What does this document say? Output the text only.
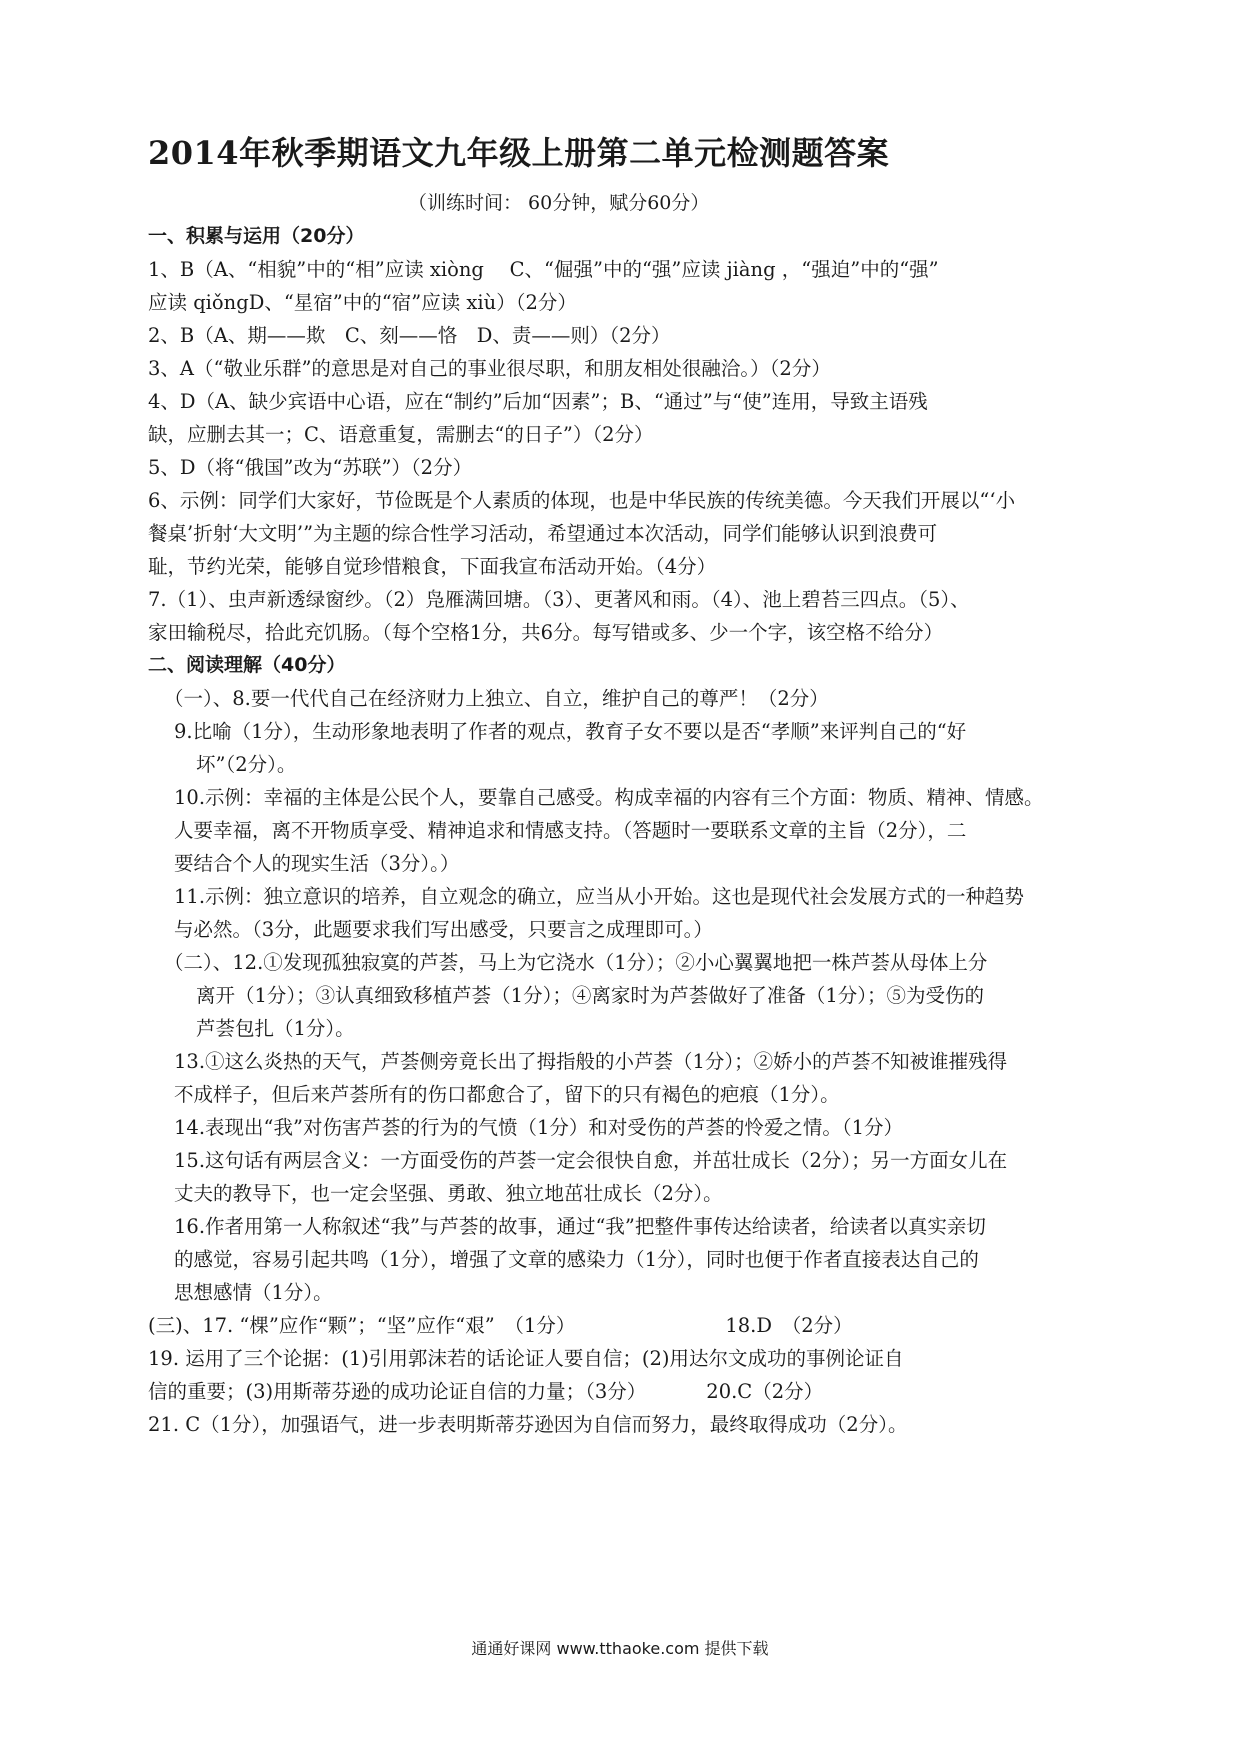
2014年秋季期语文九年级上册第二单元检测题答案
（训练时间： 60分钟，赋分60分）
一、积累与运用（20分）
1、B（A、“相貌”中的“相”应读 xiòng　 C、“倔强”中的“强”应读 jiàng ，“强迫”中的“强”
应读 qiǒngD、“星宿”中的“宿”应读 xiù）（2分）
2、B（A、期——欺　C、刻——恪　D、责——则）（2分）
3、A（“敬业乐群”的意思是对自己的事业很尽职，和朋友相处很融洽。）（2分）
4、D（A、缺少宾语中心语，应在“制约”后加“因素”；B、“通过”与“使”连用，导致主语残
缺，应删去其一；C、语意重复，需删去“的日子”）（2分）
5、D（将“俄国”改为“苏联”）（2分）
6、示例：同学们大家好，节俭既是个人素质的体现，也是中华民族的传统美德。今天我们开展以“‘小
餐桌’折射‘大文明’”为主题的综合性学习活动，希望通过本次活动，同学们能够认识到浪费可
耻，节约光荣，能够自觉珍惜粮食，下面我宣布活动开始。（4分）
7.（1）、虫声新透绿窗纱。（2）凫雁满回塘。（3）、更著风和雨。（4）、池上碧苔三四点。（5）、
家田输税尽，拾此充饥肠。（每个空格1分，共6分。每写错或多、少一个字，该空格不给分）
二、阅读理解（40分）
（一）、8.要一代代自己在经济财力上独立、自立，维护自己的尊严！（2分）
9.比喻（1分），生动形象地表明了作者的观点，教育子女不要以是否“孝顺”来评判自己的“好
坏”（2分）。
10.示例：幸福的主体是公民个人，要靠自己感受。构成幸福的内容有三个方面：物质、精神、情感。
人要幸福，离不开物质享受、精神追求和情感支持。（答题时一要联系文章的主旨（2分），二
要结合个人的现实生活（3分）。）
11.示例：独立意识的培养，自立观念的确立，应当从小开始。这也是现代社会发展方式的一种趋势
与必然。（3分，此题要求我们写出感受，只要言之成理即可。）
（二）、12.①发现孤独寂寞的芦荟，马上为它浇水（1分）；②小心翼翼地把一株芦荟从母体上分
离开（1分）；③认真细致移植芦荟（1分）；④离家时为芦荟做好了准备（1分）；⑤为受伤的
芦荟包扎（1分）。
13.①这么炎热的天气，芦荟侧旁竟长出了拇指般的小芦荟（1分）；②娇小的芦荟不知被谁摧残得
不成样子，但后来芦荟所有的伤口都愈合了，留下的只有褐色的疤痕（1分）。
14.表现出“我”对伤害芦荟的行为的气愤（1分）和对受伤的芦荟的怜爱之情。（1分）
15.这句话有两层含义：一方面受伤的芦荟一定会很快自愈，并茁壮成长（2分）；另一方面女儿在
丈夫的教导下，也一定会坚强、勇敢、独立地茁壮成长（2分）。
16.作者用第一人称叙述“我”与芦荟的故事，通过“我”把整件事传达给读者，给读者以真实亲切
的感觉，容易引起共鸣（1分），增强了文章的感染力（1分），同时也便于作者直接表达自己的
思想感情（1分）。
(三)、17. “棵”应作“颗”；“坚”应作“艰”　（1分）	18.D　（2分）
19. 运用了三个论据：(1)引用郭沫若的话论证人要自信；(2)用达尔文成功的事例论证自
信的重要；(3)用斯蒂芬逊的成功论证自信的力量；（3分）	20.C（2分）
21. C（1分），加强语气，进一步表明斯蒂芬逊因为自信而努力，最终取得成功（2分）。
通通好课网 www.tthaoke.com 提供下载
